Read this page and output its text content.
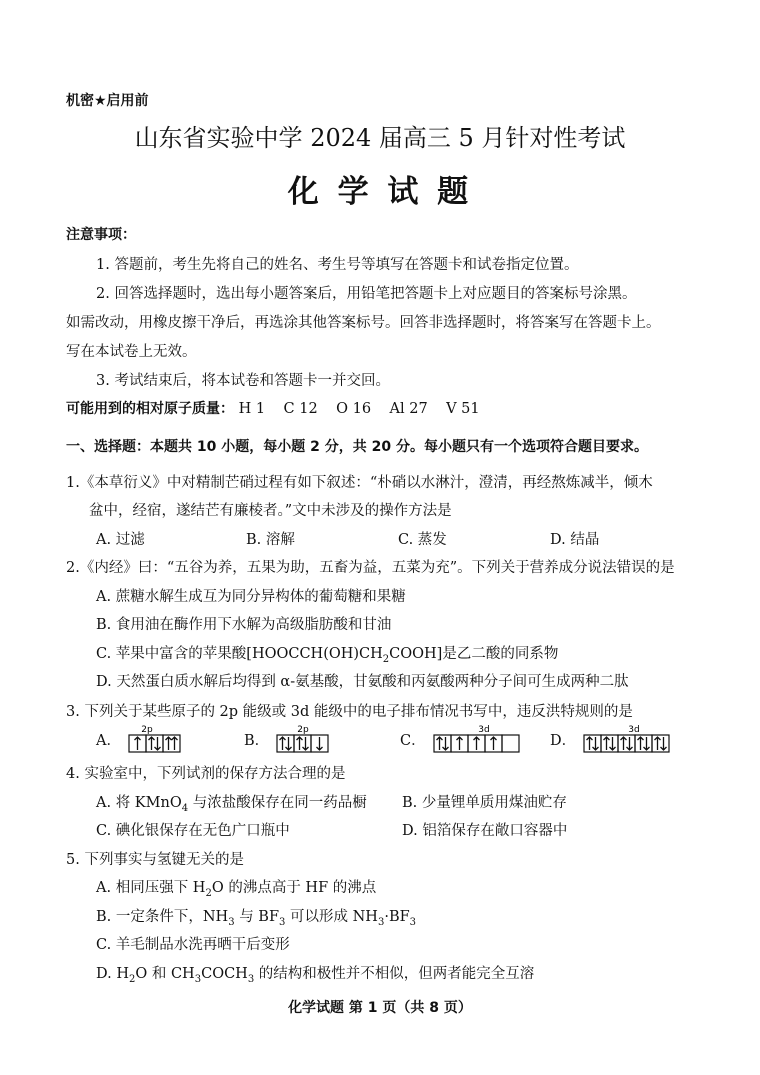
机密★启用前
山东省实验中学 2024 届高三 5 月针对性考试
化 学 试 题
注意事项：
1. 答题前，考生先将自己的姓名、考生号等填写在答题卡和试卷指定位置。
2. 回答选择题时，选出每小题答案后，用铅笔把答题卡上对应题目的答案标号涂黑。
如需改动，用橡皮擦干净后，再选涂其他答案标号。回答非选择题时，将答案写在答题卡上。
写在本试卷上无效。
3. 考试结束后，将本试卷和答题卡一并交回。
可能用到的相对原子质量： H 1    C 12    O 16    Al 27    V 51
一、选择题：本题共 10 小题，每小题 2 分，共 20 分。每小题只有一个选项符合题目要求。
1.《本草衍义》中对精制芒硝过程有如下叙述：“朴硝以水淋汁，澄清，再经熬炼减半，倾木
盆中，经宿，遂结芒有廉棱者。”文中未涉及的操作方法是
A. 过滤	B. 溶解	C. 蒸发	D. 结晶
2.《内经》曰：“五谷为养，五果为助，五畜为益，五菜为充”。下列关于营养成分说法错误的是
A. 蔗糖水解生成互为同分异构体的葡萄糖和果糖
B. 食用油在酶作用下水解为高级脂肪酸和甘油
C. 苹果中富含的苹果酸$[HOOCCH(OH)CH_2COOH]$是乙二酸的同系物
D. 天然蛋白质水解后均得到 α-氨基酸，甘氨酸和丙氨酸两种分子间可生成两种二肽
3. 下列关于某些原子的 2p 能级或 3d 能级中的电子排布情况书写中，违反洪特规则的是
A．
2p
B．
2p
C．
3d
D．
3d
4. 实验室中，下列试剂的保存方法合理的是
A. 将 KMnO$_4$ 与浓盐酸保存在同一药品橱 B. 少量锂单质用煤油贮存
C. 碘化银保存在无色广口瓶中	D. 铝箔保存在敞口容器中
5. 下列事实与氢键无关的是
A. 相同压强下 $H_2O$ 的沸点高于 HF 的沸点
B. 一定条件下，$NH_3$ 与 $BF_3$ 可以形成 $NH_3\cdot BF_3$
C. 羊毛制品水洗再晒干后变形
D. $H_2O$ 和 $CH_3COCH_3$ 的结构和极性并不相似，但两者能完全互溶
化学试题 第 1 页（共 8 页）
